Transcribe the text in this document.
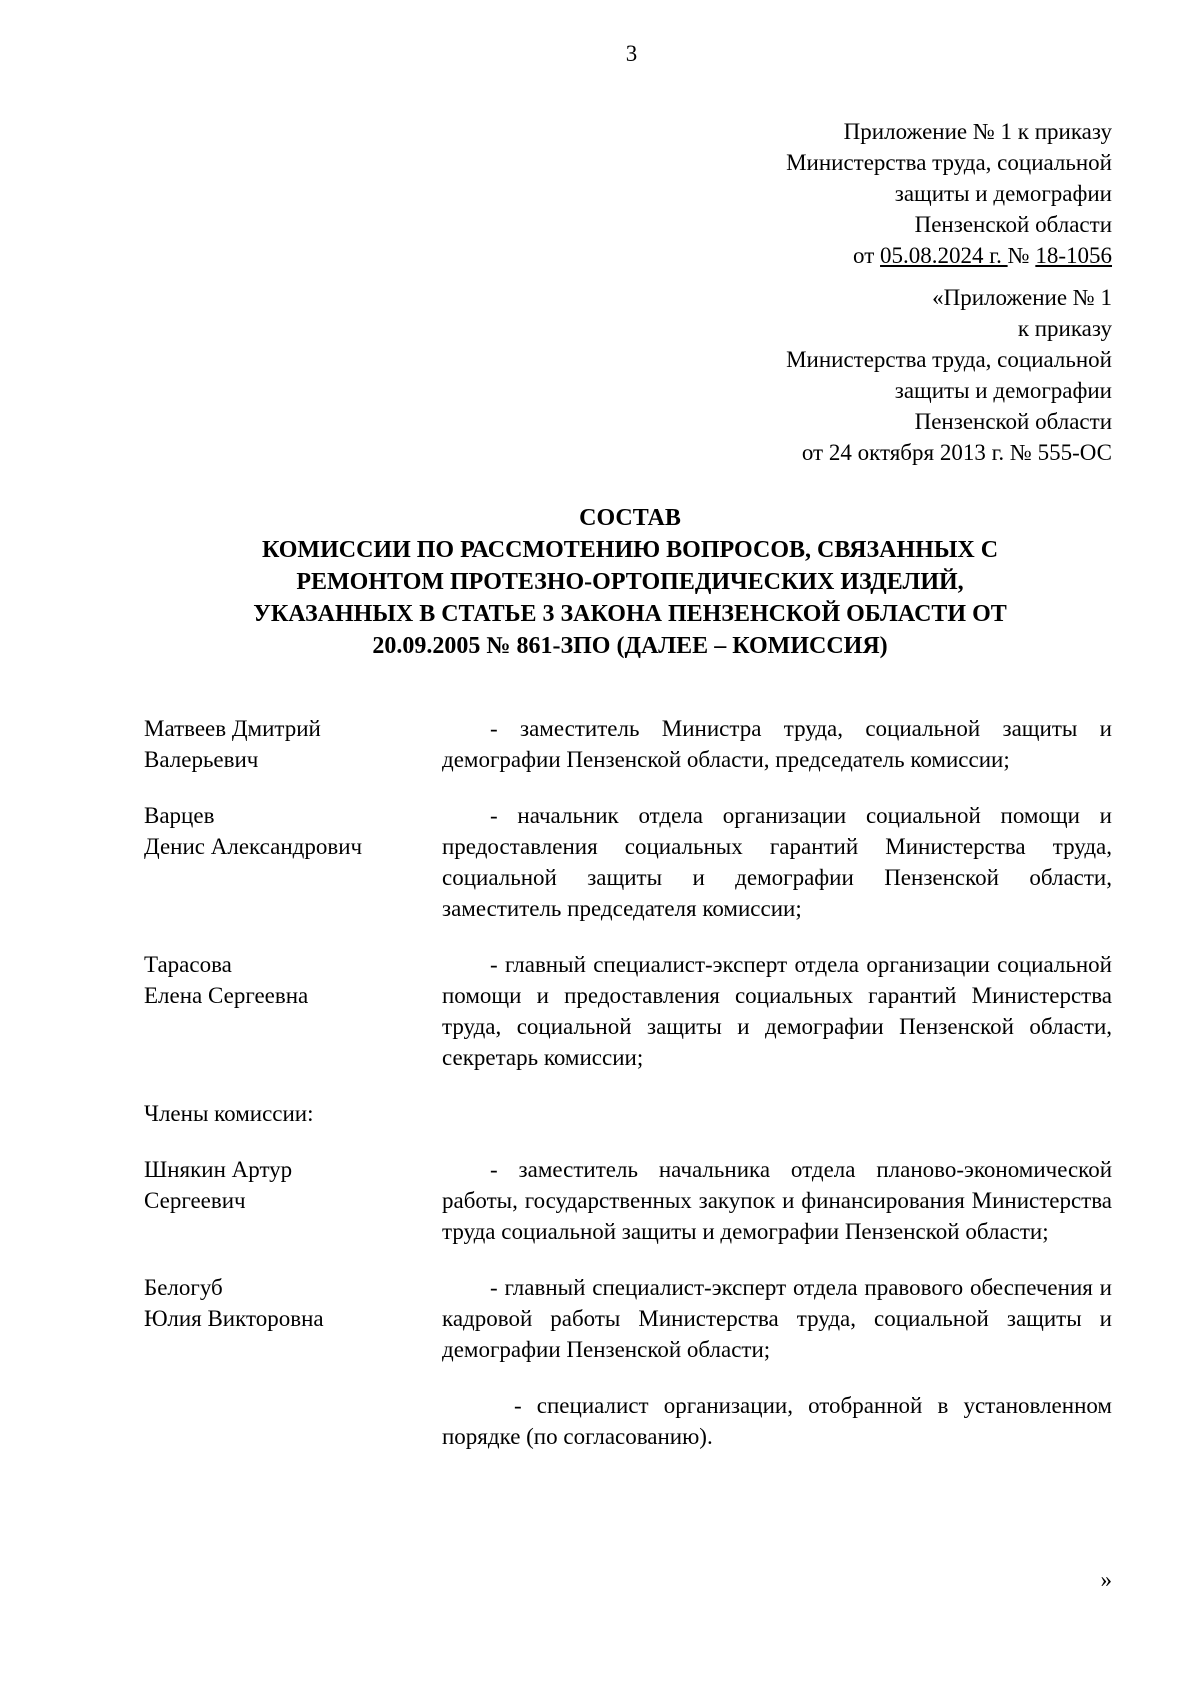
3
Приложение № 1 к приказу
Министерства труда, социальной
защиты и демографии
Пензенской области
от 05.08.2024 г. № 18-1056
«Приложение № 1
к приказу
Министерства труда, социальной
защиты и демографии
Пензенской области
от 24 октября 2013 г. № 555-ОС
СОСТАВ
КОМИССИИ ПО РАССМОТЕНИЮ ВОПРОСОВ, СВЯЗАННЫХ С
РЕМОНТОМ ПРОТЕЗНО-ОРТОПЕДИЧЕСКИХ ИЗДЕЛИЙ,
УКАЗАННЫХ В СТАТЬЕ 3 ЗАКОНА ПЕНЗЕНСКОЙ ОБЛАСТИ ОТ
20.09.2005 № 861-ЗПО (ДАЛЕЕ – КОМИССИЯ)
Матвеев Дмитрий
Валерьевич
- заместитель Министра труда, социальной защиты и демографии Пензенской области, председатель комиссии;
Варцев
Денис Александрович
- начальник отдела организации социальной помощи и предоставления социальных гарантий Министерства труда, социальной защиты и демографии Пензенской области, заместитель председателя комиссии;
Тарасова
Елена Сергеевна
- главный специалист-эксперт отдела организации социальной помощи и предоставления социальных гарантий Министерства труда, социальной защиты и демографии Пензенской области, секретарь комиссии;
Члены комиссии:
Шнякин Артур
Сергеевич
- заместитель начальника отдела планово-экономической работы, государственных закупок и финансирования Министерства труда социальной защиты и демографии Пензенской области;
Белогуб
Юлия Викторовна
- главный специалист-эксперт отдела правового обеспечения и кадровой работы Министерства труда, социальной защиты и демографии Пензенской области;
- специалист организации, отобранной в установленном порядке (по согласованию).
»
